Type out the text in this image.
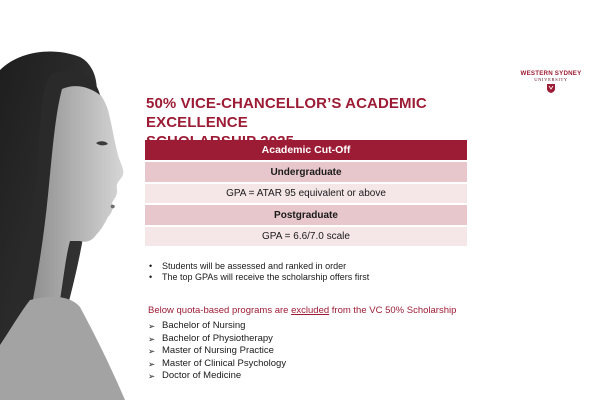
WESTERN SYDNEY
UNIVERSITY
50% VICE-CHANCELLOR’S ACADEMIC EXCELLENCE
Academic Cut-Off
Undergraduate
GPA = ATAR 95 equivalent or above
Postgraduate
GPA = 6.6/7.0 scale
• Students will be assessed and ranked in order
• The top GPAs will receive the scholarship offers first
Below quota-based programs are excluded from the VC 50% Scholarship
➢ Bachelor of Nursing
➢ Bachelor of Physiotherapy
➢ Master of Nursing Practice
➢ Master of Clinical Psychology
➢ Doctor of Medicine
